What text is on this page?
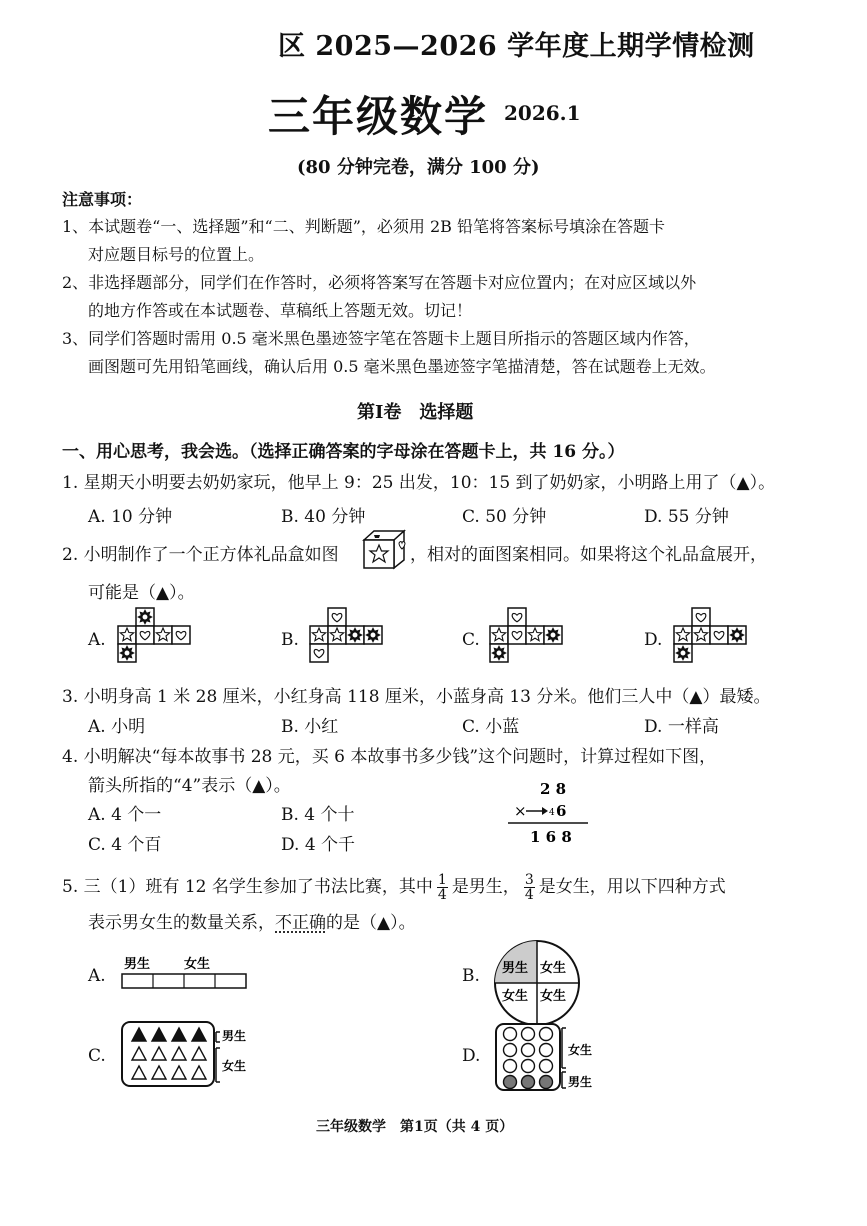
区 2025—2026 学年度上期学情检测
三年级数学 2026.1
(80 分钟完卷，满分 100 分)
注意事项：
1、本试题卷“一、选择题”和“二、判断题”，必须用 2B 铅笔将答案标号填涂在答题卡
对应题目标号的位置上。
2、非选择题部分，同学们在作答时，必须将答案写在答题卡对应位置内；在对应区域以外
的地方作答或在本试题卷、草稿纸上答题无效。切记！
3、同学们答题时需用 0.5 毫米黑色墨迹签字笔在答题卡上题目所指示的答题区域内作答，
画图题可先用铅笔画线，确认后用 0.5 毫米黑色墨迹签字笔描清楚，答在试题卷上无效。
第Ⅰ卷　选择题
一、用心思考，我会选。（选择正确答案的字母涂在答题卡上，共 16 分。）
1. 星期天小明要去奶奶家玩，他早上 9：25 出发，10：15 到了奶奶家，小明路上用了（▲）。
A. 10 分钟	B. 40 分钟	C. 50 分钟	D. 55 分钟
2. 小明制作了一个正方体礼品盒如图	，相对的面图案相同。如果将这个礼品盒展开，
可能是（▲）。
A.	B.	C.	D.
3. 小明身高 1 米 28 厘米，小红身高 118 厘米，小蓝身高 13 分米。他们三人中（▲）最矮。
A. 小明	B. 小红	C. 小蓝	D. 一样高
4. 小明解决“每本故事书 28 元，买 6 本故事书多少钱”这个问题时，计算过程如下图，
箭头所指的“4”表示（▲）。
A. 4 个一	B. 4 个十
C. 4 个百	D. 4 个千
2 8
× 4 6
1 6 8
5. 三（1）班有 12 名学生参加了书法比赛，其中 $\frac{1}{4}$ 是男生， $\frac{3}{4}$ 是女生，用以下四种方式
表示男女生的数量关系，不正确的是（▲）。
A.	B.
C.	D.
男生	女生	男生 女生
女生 女生
男生
女生
女生
男生
三年级数学　第1页（共 4 页）
